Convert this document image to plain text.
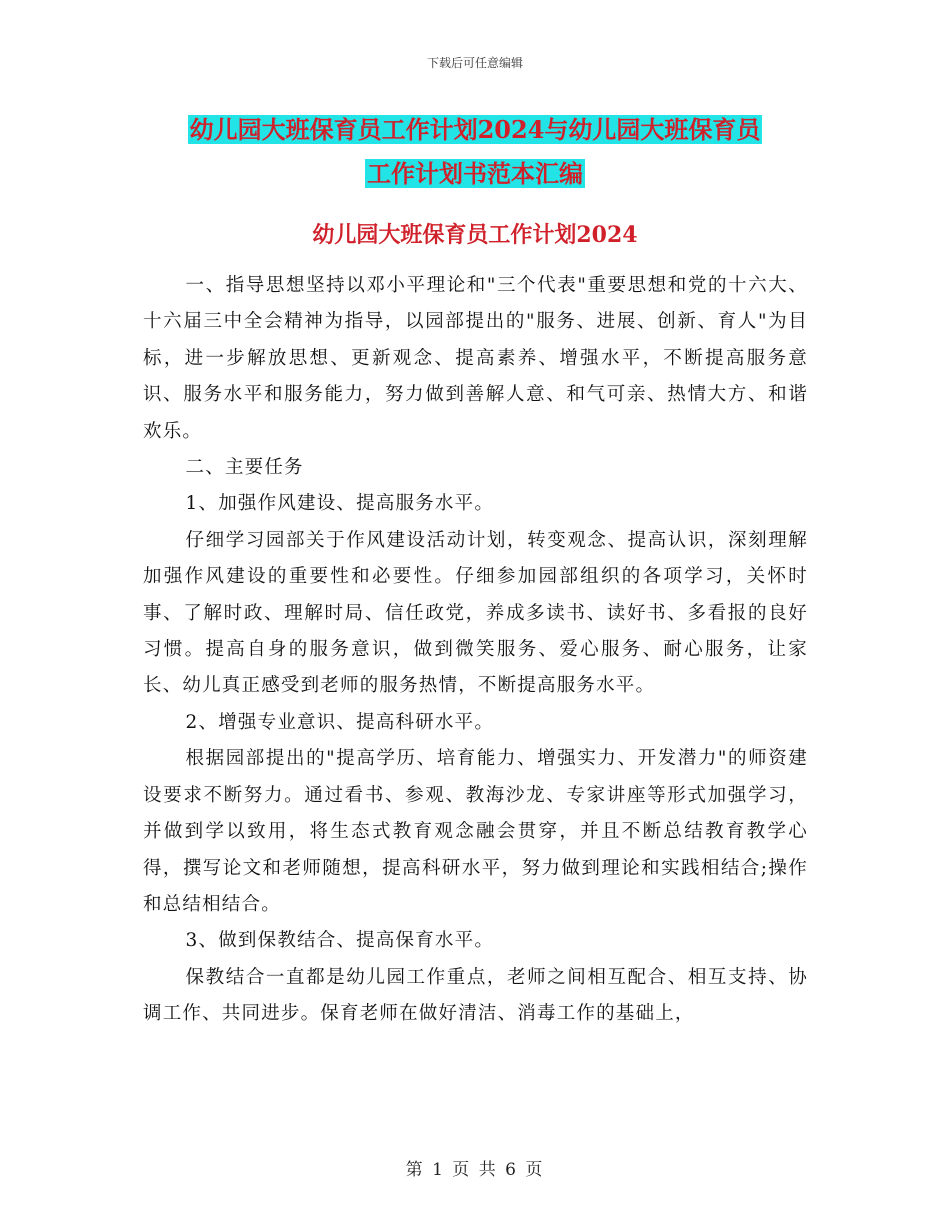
下载后可任意编辑
幼儿园大班保育员工作计划2024与幼儿园大班保育员
工作计划书范本汇编
幼儿园大班保育员工作计划2024

一、指导思想坚持以邓小平理论和"三个代表"重要思想和党的十六大、十六届三中全会精神为指导，以园部提出的"服务、进展、创新、育人"为目标，进一步解放思想、更新观念、提高素养、增强水平，不断提高服务意识、服务水平和服务能力，努力做到善解人意、和气可亲、热情大方、和谐欢乐。

二、主要任务

1、加强作风建设、提高服务水平。

仔细学习园部关于作风建设活动计划，转变观念、提高认识，深刻理解加强作风建设的重要性和必要性。仔细参加园部组织的各项学习，关怀时事、了解时政、理解时局、信任政党，养成多读书、读好书、多看报的良好习惯。提高自身的服务意识，做到微笑服务、爱心服务、耐心服务，让家长、幼儿真正感受到老师的服务热情，不断提高服务水平。

2、增强专业意识、提高科研水平。

根据园部提出的"提高学历、培育能力、增强实力、开发潜力"的师资建设要求不断努力。通过看书、参观、教海沙龙、专家讲座等形式加强学习，并做到学以致用，将生态式教育观念融会贯穿，并且不断总结教育教学心得，撰写论文和老师随想，提高科研水平，努力做到理论和实践相结合;操作和总结相结合。

3、做到保教结合、提高保育水平。

保教结合一直都是幼儿园工作重点，老师之间相互配合、相互支持、协调工作、共同进步。保育老师在做好清洁、消毒工作的基础上，

第 1 页 共 6 页
